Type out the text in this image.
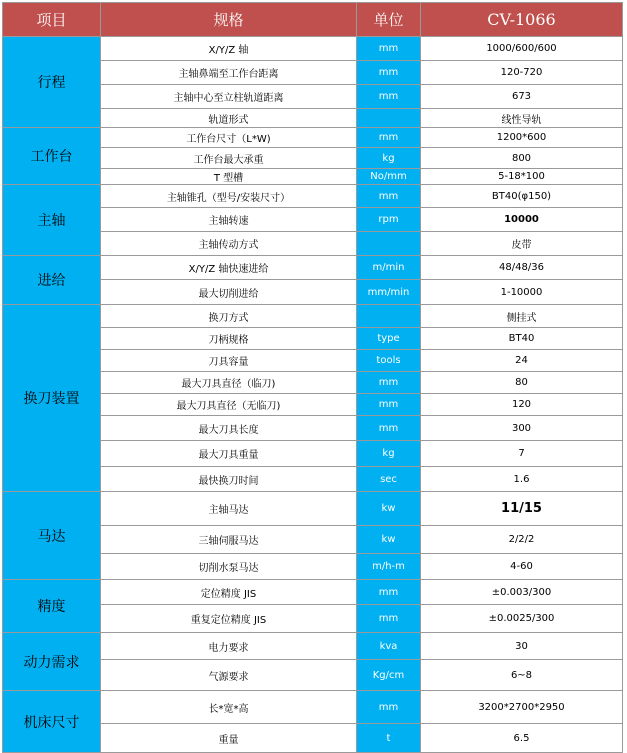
项目	规格	单位	CV-1066
行程	X/Y/Z 轴	mm	1000/600/600
	主轴鼻端至工作台距离	mm	120-720
	主轴中心至立柱轨道距离	mm	673
	轨道形式		线性导轨
工作台	工作台尺寸（L*W)	mm	1200*600
	工作台最大承重	kg	800
	T 型槽	No/mm	5-18*100
主轴	主轴锥孔（型号/安装尺寸）	mm	BT40(φ150)
	主轴转速	rpm	10000
	主轴传动方式		皮带
进给	X/Y/Z 轴快速进给	m/min	48/48/36
	最大切削进给	mm/min	1-10000
换刀装置	换刀方式		侧挂式
	刀柄规格	type	BT40
	刀具容量	tools	24
	最大刀具直径（临刀)	mm	80
	最大刀具直径（无临刀)	mm	120
	最大刀具长度	mm	300
	最大刀具重量	kg	7
	最快换刀时间	sec	1.6
马达	主轴马达	kw	11/15
	三轴伺服马达	kw	2/2/2
	切削水泵马达	m/h-m	4-60
精度	定位精度 JIS	mm	±0.003/300
	重复定位精度 JIS	mm	±0.0025/300
动力需求	电力要求	kva	30
	气源要求	Kg/cm	6~8
机床尺寸	长*宽*高	mm	3200*2700*2950
	重量	t	6.5
